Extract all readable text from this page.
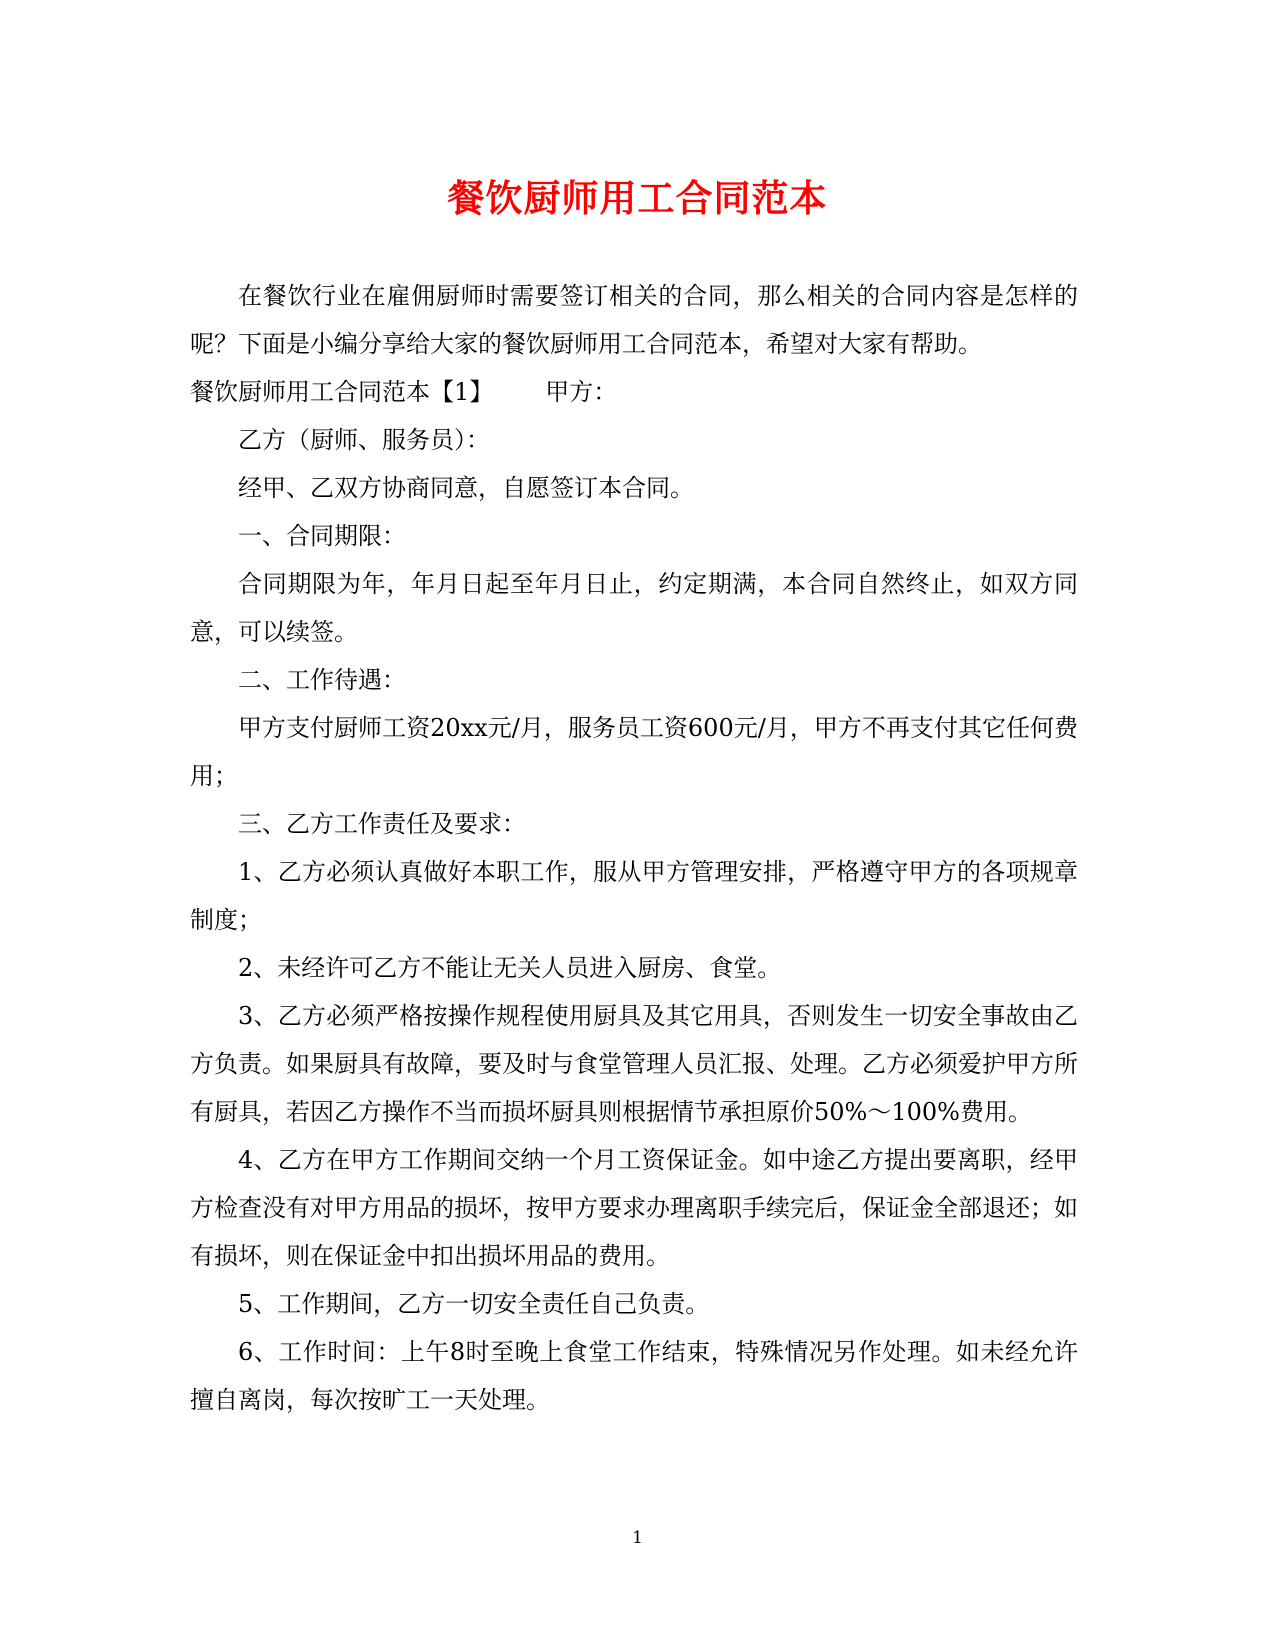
餐饮厨师用工合同范本

在餐饮行业在雇佣厨师时需要签订相关的合同，那么相关的合同内容是怎样的呢？下面是小编分享给大家的餐饮厨师用工合同范本，希望对大家有帮助。

餐饮厨师用工合同范本【1】 甲方：

乙方（厨师、服务员）：

经甲、乙双方协商同意，自愿签订本合同。

一、合同期限：

合同期限为年，年月日起至年月日止，约定期满，本合同自然终止，如双方同意，可以续签。

二、工作待遇：

甲方支付厨师工资20xx元/月，服务员工资600元/月，甲方不再支付其它任何费用；

三、乙方工作责任及要求：

1、乙方必须认真做好本职工作，服从甲方管理安排，严格遵守甲方的各项规章制度；

2、未经许可乙方不能让无关人员进入厨房、食堂。

3、乙方必须严格按操作规程使用厨具及其它用具，否则发生一切安全事故由乙方负责。如果厨具有故障，要及时与食堂管理人员汇报、处理。乙方必须爱护甲方所有厨具，若因乙方操作不当而损坏厨具则根据情节承担原价50%～100%费用。

4、乙方在甲方工作期间交纳一个月工资保证金。如中途乙方提出要离职，经甲方检查没有对甲方用品的损坏，按甲方要求办理离职手续完后，保证金全部退还；如有损坏，则在保证金中扣出损坏用品的费用。

5、工作期间，乙方一切安全责任自己负责。

6、工作时间：上午8时至晚上食堂工作结束，特殊情况另作处理。如未经允许擅自离岗，每次按旷工一天处理。

1
